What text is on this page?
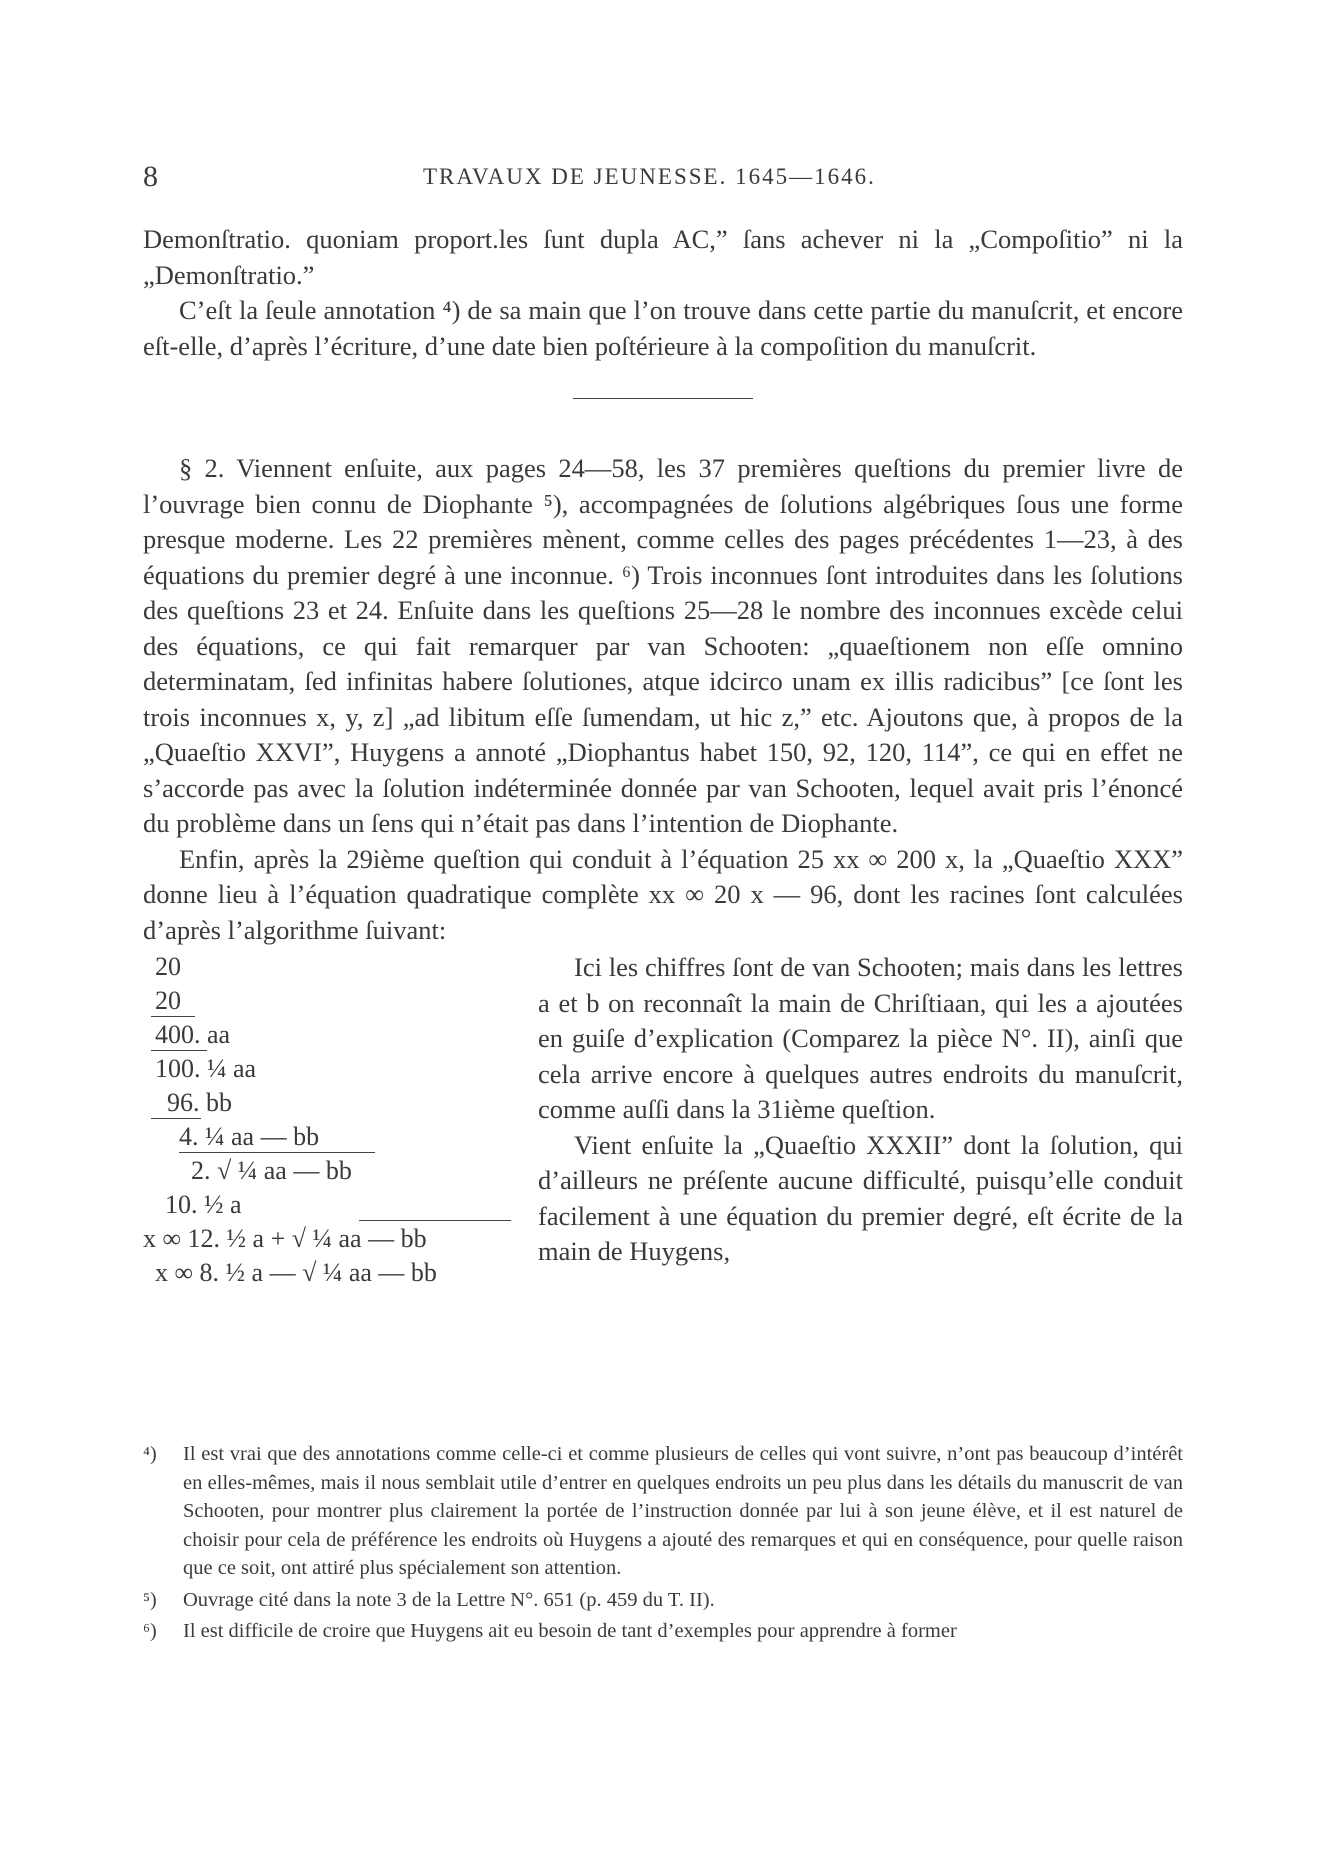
8	TRAVAUX DE JEUNESSE. 1645—1646.

Demonſtratio. quoniam proport.les ſunt dupla AC,” ſans achever ni la „Compoſitio” ni la „Demonſtratio.”

C’eſt la ſeule annotation ⁴) de sa main que l’on trouve dans cette partie du manuſcrit, et encore eſt-elle, d’après l’écriture, d’une date bien poſtérieure à la compoſition du manuſcrit.

§ 2. Viennent enſuite, aux pages 24—58, les 37 premières queſtions du premier livre de l’ouvrage bien connu de Diophante ⁵), accompagnées de ſolutions algébriques ſous une forme presque moderne. Les 22 premières mènent, comme celles des pages précédentes 1—23, à des équations du premier degré à une inconnue. ⁶) Trois inconnues ſont introduites dans les ſolutions des queſtions 23 et 24. Enſuite dans les queſtions 25—28 le nombre des inconnues excède celui des équations, ce qui fait remarquer par van Schooten: „quaeſtionem non eſſe omnino determinatam, ſed infinitas habere ſolutiones, atque idcirco unam ex illis radicibus” [ce ſont les trois inconnues x, y, z] „ad libitum eſſe ſumendam, ut hic z,” etc. Ajoutons que, à propos de la „Quaeſtio XXVI”, Huygens a annoté „Diophantus habet 150, 92, 120, 114”, ce qui en effet ne s’accorde pas avec la ſolution indéterminée donnée par van Schooten, lequel avait pris l’énoncé du problème dans un ſens qui n’était pas dans l’intention de Diophante.

Enfin, après la 29ième queſtion qui conduit à l’équation 25 xx ∞ 200 x, la „Quaeſtio XXX” donne lieu à l’équation quadratique complète xx ∞ 20 x — 96, dont les racines ſont calculées d’après l’algorithme ſuivant:

20
20
400. aa
100. ¼ aa
96. bb
4. ¼ aa — bb
2. √ ¼ aa — bb
10. ½ a
x ∞ 12. ½ a + √ ¼ aa — bb
x ∞ 8. ½ a — √ ¼ aa — bb

Ici les chiffres ſont de van Schooten; mais dans les lettres a et b on reconnaît la main de Chriſtiaan, qui les a ajoutées en guiſe d’explication (Comparez la pièce N°. II), ainſi que cela arrive encore à quelques autres endroits du manuſcrit, comme auſſi dans la 31ième queſtion.

Vient enſuite la „Quaeſtio XXXII” dont la ſolution, qui d’ailleurs ne préſente aucune difficulté, puisqu’elle conduit facilement à une équation du premier degré, eſt écrite de la main de Huygens,

⁴) Il est vrai que des annotations comme celle-ci et comme plusieurs de celles qui vont suivre, n’ont pas beaucoup d’intérêt en elles-mêmes, mais il nous semblait utile d’entrer en quelques endroits un peu plus dans les détails du manuscrit de van Schooten, pour montrer plus clairement la portée de l’instruction donnée par lui à son jeune élève, et il est naturel de choisir pour cela de préférence les endroits où Huygens a ajouté des remarques et qui en conséquence, pour quelle raison que ce soit, ont attiré plus spécialement son attention.
⁵) Ouvrage cité dans la note 3 de la Lettre N°. 651 (p. 459 du T. II).
⁶) Il est difficile de croire que Huygens ait eu besoin de tant d’exemples pour apprendre à former
